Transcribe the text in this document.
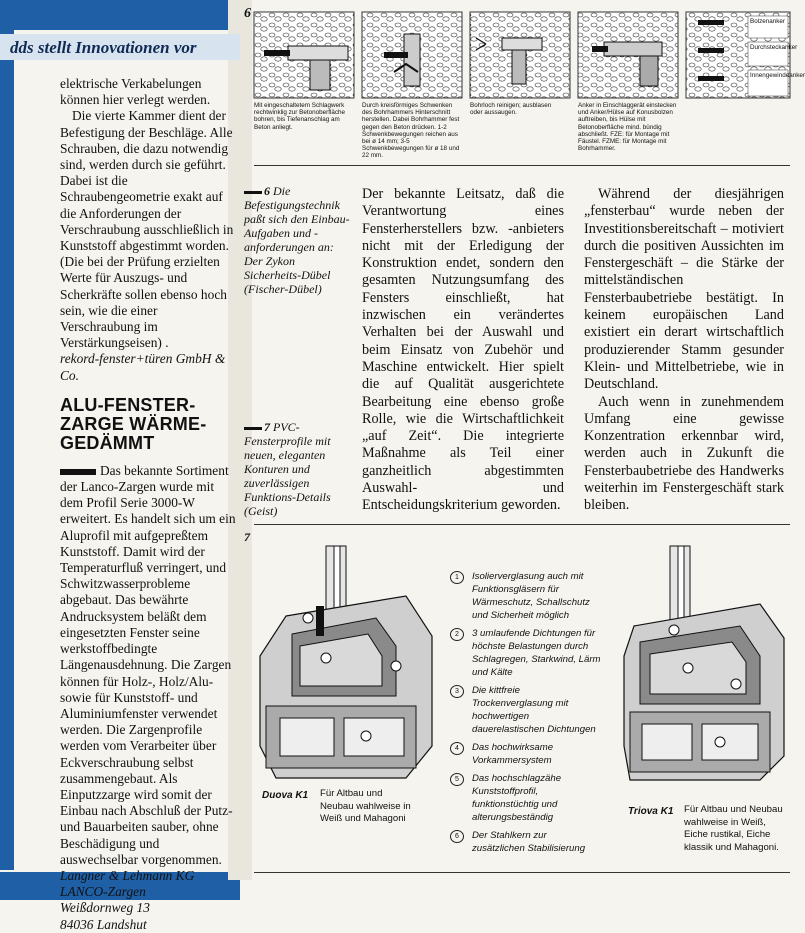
dds stellt Innovationen vor

elektrische Verkabelungen können hier verlegt werden.

Die vierte Kammer dient der Befestigung der Beschläge. Alle Schrauben, die dazu notwendig sind, werden durch sie geführt. Dabei ist die Schraubengeometrie exakt auf die Anforderungen der Verschraubung ausschließlich in Kunststoff abgestimmt worden. (Die bei der Prüfung erzielten Werte für Auszugs- und Scherkräfte sollen ebenso hoch sein, wie die einer Verschraubung im Verstärkungseisen) .

rekord-fenster+türen GmbH & Co.

ALU-FENSTER-ZARGE WÄRME-GEDÄMMT

Das bekannte Sortiment der Lanco-Zargen wurde mit dem Profil Serie 3000-W erweitert. Es handelt sich um ein Aluprofil mit aufgepreßtem Kunststoff. Damit wird der Temperaturfluß verringert, und Schwitzwasserprobleme abgebaut. Das bewährte Andrucksystem beläßt dem eingesetzten Fenster seine werkstoffbedingte Längenausdehnung. Die Zargen können für Holz-, Holz/Alu- sowie für Kunststoff- und Aluminiumfenster verwendet werden. Die Zargenprofile werden vom Verarbeiter über Eckverschraubung selbst zusammengebaut. Als Einputzzarge wird somit der Einbau nach Abschluß der Putz- und Bauarbeiten sauber, ohne Beschädigung und auswechselbar vorgenommen.

Langner & Lehmann KG

LANCO-Zargen

Weißdornweg 13

84036 Landshut

6
Bolzenanker
Durchsteckanker
Innengewindeanker
Mit eingeschaltetem Schlagwerk rechtwinklig zur Betonoberfläche bohren, bis Tiefenanschlag am Beton anliegt.
Durch kreisförmiges Schwenken des Bohrhammers Hinterschnitt herstellen. Dabei Bohrhammer fest gegen den Beton drücken. 1-2 Schwenkbewegungen reichen aus bei ø 14 mm; 3-5 Schwenkbewegungen für ø 18 und 22 mm.
Bohrloch reinigen; ausblasen oder aussaugen.
Anker in Einschlaggerät einstecken und Anker/Hülse auf Konusbolzen auftreiben, bis Hülse mit Betonoberfläche mind. bündig abschließt. FZE: für Montage mit Fäustel. FZME: für Montage mit Bohrhammer.
6 Die Befestigungstechnik paßt sich den Einbau-Aufgaben und -anforderungen an: Der Zykon Sicherheits-Dübel (Fischer-Dübel)
7 PVC-Fensterprofile mit neuen, eleganten Konturen und zuverlässigen Funktions-Details (Geist)

Der bekannte Leitsatz, daß die Verantwortung eines Fensterherstellers bzw. -anbieters nicht mit der Erledigung der Konstruktion endet, sondern den gesamten Nutzungsumfang des Fensters einschließt, hat inzwischen ein verändertes Verhalten bei der Auswahl und beim Einsatz von Zubehör und Maschine entwickelt. Hier spielt die auf Qualität ausgerichtete Bearbeitung eine ebenso große Rolle, wie die Wirtschaftlichkeit „auf Zeit“. Die integrierte Maßnahme als Teil einer ganzheitlich abgestimmten Auswahl- und Entscheidungskriterium geworden.

Während der diesjährigen „fensterbau“ wurde neben der Investitionsbereitschaft – motiviert durch die positiven Aussichten im Fenstergeschäft – die Stärke der mittelständischen Fensterbaubetriebe bestätigt. In keinem europäischen Land existiert ein derart wirtschaftlich produzierender Stamm gesunder Klein- und Mittelbetriebe, wie in Deutschland.

Auch wenn in zunehmendem Umfang eine gewisse Konzentration erkennbar wird, werden auch in Zukunft die Fensterbaubetriebe des Handwerks weiterhin im Fenstergeschäft stark bleiben.

7
1	Isolierverglasung auch mit Funktionsgläsern für Wärmeschutz, Schallschutz und Sicherheit möglich
2	3 umlaufende Dichtungen für höchste Belastungen durch Schlagregen, Starkwind, Lärm und Kälte
3	Die kittfreie Trockenverglasung mit hochwertigen dauerelastischen Dichtungen
4	Das hochwirksame Vorkammersystem
5	Das hochschlagzähe Kunststoffprofil, funktionstüchtig und alterungsbeständig
6	Der Stahlkern zur zusätzlichen Stabilisierung
Duova K1 Für Altbau und Neubau wahlweise in Weiß und Mahagoni
Triova K1 Für Altbau und Neubau wahlweise in Weiß, Eiche rustikal, Eiche klassik und Mahagoni.
